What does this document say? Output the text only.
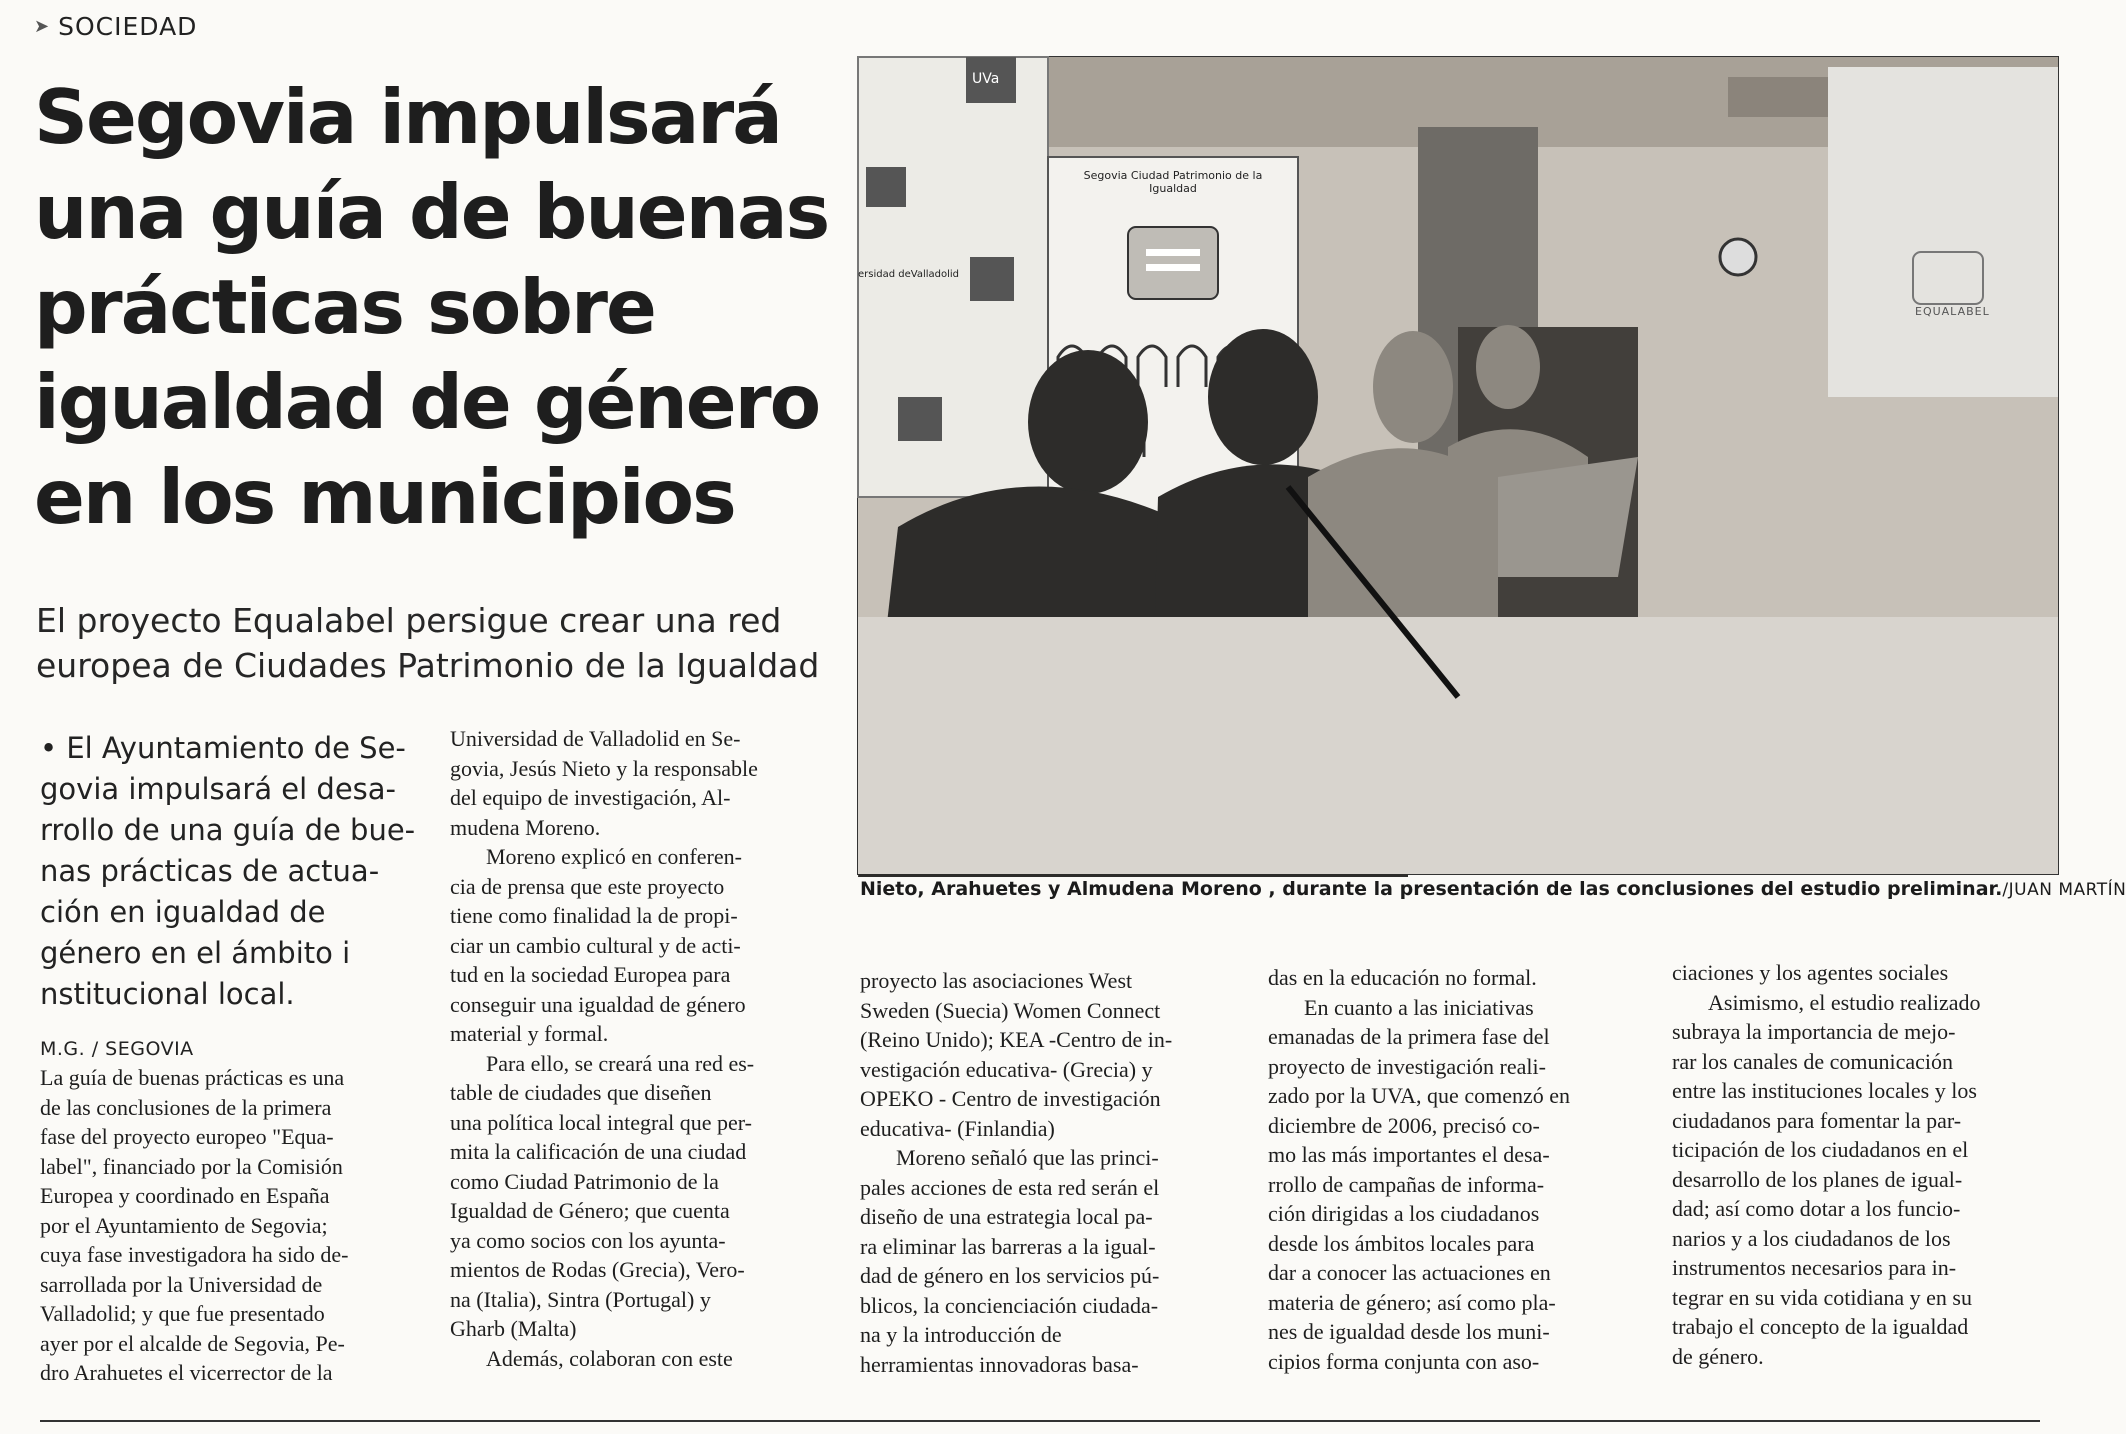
➤ SOCIEDAD
Segovia impulsará
una guía de buenas
prácticas sobre
igualdad de género
en los municipios
El proyecto Equalabel persigue crear una red
europea de Ciudades Patrimonio de la Igualdad
• El Ayuntamiento de Se-
govia impulsará el desa-
rrollo de una guía de bue-
nas prácticas de actua-
ción en igualdad de
género en el ámbito i
nstitucional local.
M.G. / SEGOVIA
La guía de buenas prácticas es una
de las conclusiones de la primera
fase del proyecto europeo "Equa-
label", financiado por la Comisión
Europea y coordinado en España
por el Ayuntamiento de Segovia;
cuya fase investigadora ha sido de-
sarrollada por la Universidad de
Valladolid; y que fue presentado
ayer por el alcalde de Segovia, Pe-
dro Arahuetes el vicerrector de la
Universidad de Valladolid en Se-
govia, Jesús Nieto y la responsable
del equipo de investigación, Al-
mudena Moreno.
Moreno explicó en conferen-
cia de prensa que este proyecto
tiene como finalidad la de propi-
ciar un cambio cultural y de acti-
tud en la sociedad Europea para
conseguir una igualdad de género
material y formal.
Para ello, se creará una red es-
table de ciudades que diseñen
una política local integral que per-
mita la calificación de una ciudad
como Ciudad Patrimonio de la
Igualdad de Género; que cuenta
ya como socios con los ayunta-
mientos de Rodas (Grecia), Vero-
na (Italia), Sintra (Portugal) y
Gharb (Malta)
Además, colaboran con este
Segovia Ciudad Patrimonio de la Igualdad
UVa
ersidad deValladolid
EQUALABEL
Nieto, Arahuetes y Almudena Moreno , durante la presentación de las conclusiones del estudio preliminar./JUAN MARTÍN
proyecto las asociaciones West
Sweden (Suecia) Women Connect
(Reino Unido); KEA -Centro de in-
vestigación educativa- (Grecia) y
OPEKO - Centro de investigación
educativa- (Finlandia)
Moreno señaló que las princi-
pales acciones de esta red serán el
diseño de una estrategia local pa-
ra eliminar las barreras a la igual-
dad de género en los servicios pú-
blicos, la concienciación ciudada-
na y la introducción de
herramientas innovadoras basa-
das en la educación no formal.
En cuanto a las iniciativas
emanadas de la primera fase del
proyecto de investigación reali-
zado por la UVA, que comenzó en
diciembre de 2006, precisó co-
mo las más importantes el desa-
rrollo de campañas de informa-
ción dirigidas a los ciudadanos
desde los ámbitos locales para
dar a conocer las actuaciones en
materia de género; así como pla-
nes de igualdad desde los muni-
cipios forma conjunta con aso-
ciaciones y los agentes sociales
Asimismo, el estudio realizado
subraya la importancia de mejo-
rar los canales de comunicación
entre las instituciones locales y los
ciudadanos para fomentar la par-
ticipación de los ciudadanos en el
desarrollo de los planes de igual-
dad; así como dotar a los funcio-
narios y a los ciudadanos de los
instrumentos necesarios para in-
tegrar en su vida cotidiana y en su
trabajo el concepto de la igualdad
de género.
